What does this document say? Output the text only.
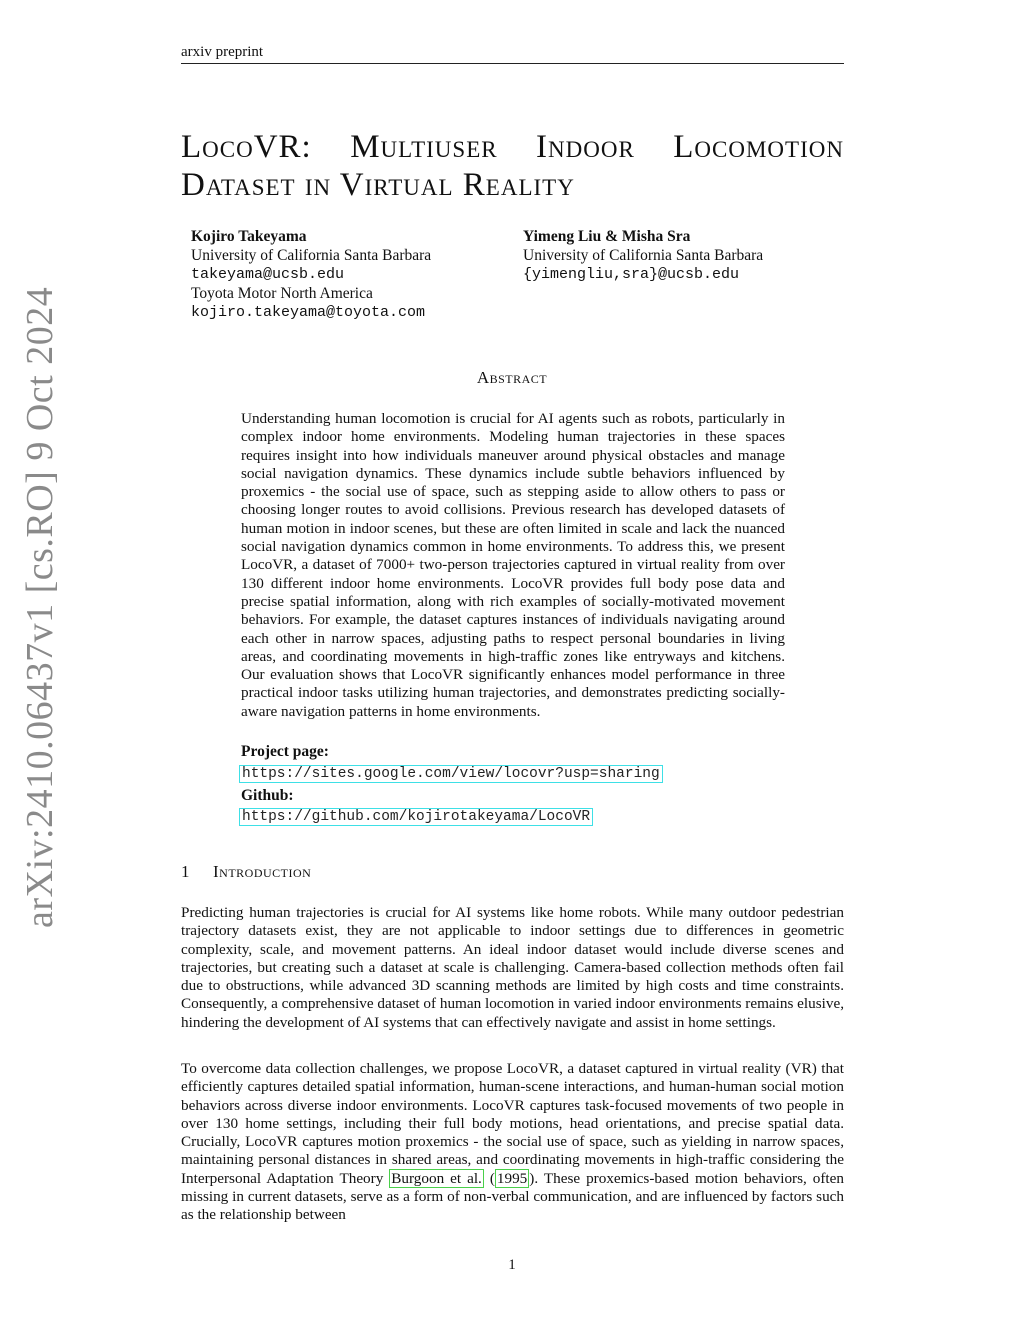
arxiv preprint
arXiv:2410.06437v1 [cs.RO] 9 Oct 2024
LocoVR: Multiuser Indoor Locomotion
Dataset in Virtual Reality
Kojiro Takeyama
University of California Santa Barbara
takeyama@ucsb.edu
Toyota Motor North America
kojiro.takeyama@toyota.com
Yimeng Liu & Misha Sra
University of California Santa Barbara
{yimengliu,sra}@ucsb.edu
Abstract
Understanding human locomotion is crucial for AI agents such as robots, particularly in complex indoor home environments. Modeling human trajectories in these spaces requires insight into how individuals maneuver around physical obstacles and manage social navigation dynamics. These dynamics include subtle behaviors influenced by proxemics - the social use of space, such as stepping aside to allow others to pass or choosing longer routes to avoid collisions. Previous research has developed datasets of human motion in indoor scenes, but these are often limited in scale and lack the nuanced social navigation dynamics common in home environments. To address this, we present LocoVR, a dataset of 7000+ two-person trajectories captured in virtual reality from over 130 different indoor home environments. LocoVR provides full body pose data and precise spatial information, along with rich examples of socially-motivated movement behaviors. For example, the dataset captures instances of individuals navigating around each other in narrow spaces, adjusting paths to respect personal boundaries in living areas, and coordinating movements in high-traffic zones like entryways and kitchens. Our evaluation shows that LocoVR significantly enhances model performance in three practical indoor tasks utilizing human trajectories, and demonstrates predicting socially-aware navigation patterns in home environments.
Project page:
https://sites.google.com/view/locovr?usp=sharing
Github:
https://github.com/kojirotakeyama/LocoVR
1 Introduction

Predicting human trajectories is crucial for AI systems like home robots. While many outdoor pedestrian trajectory datasets exist, they are not applicable to indoor settings due to differences in geometric complexity, scale, and movement patterns. An ideal indoor dataset would include diverse scenes and trajectories, but creating such a dataset at scale is challenging. Camera-based collection methods often fail due to obstructions, while advanced 3D scanning methods are limited by high costs and time constraints. Consequently, a comprehensive dataset of human locomotion in varied indoor environments remains elusive, hindering the development of AI systems that can effectively navigate and assist in home settings.

To overcome data collection challenges, we propose LocoVR, a dataset captured in virtual reality (VR) that efficiently captures detailed spatial information, human-scene interactions, and human-human social motion behaviors across diverse indoor environments. LocoVR captures task-focused movements of two people in over 130 home settings, including their full body motions, head orientations, and precise spatial data. Crucially, LocoVR captures motion proxemics - the social use of space, such as yielding in narrow spaces, maintaining personal distances in shared areas, and coordinating movements in high-traffic considering the Interpersonal Adaptation Theory Burgoon et al. ( 1995 ). These proxemics-based motion behaviors, often missing in current datasets, serve as a form of non-verbal communication, and are influenced by factors such as the relationship between

1
